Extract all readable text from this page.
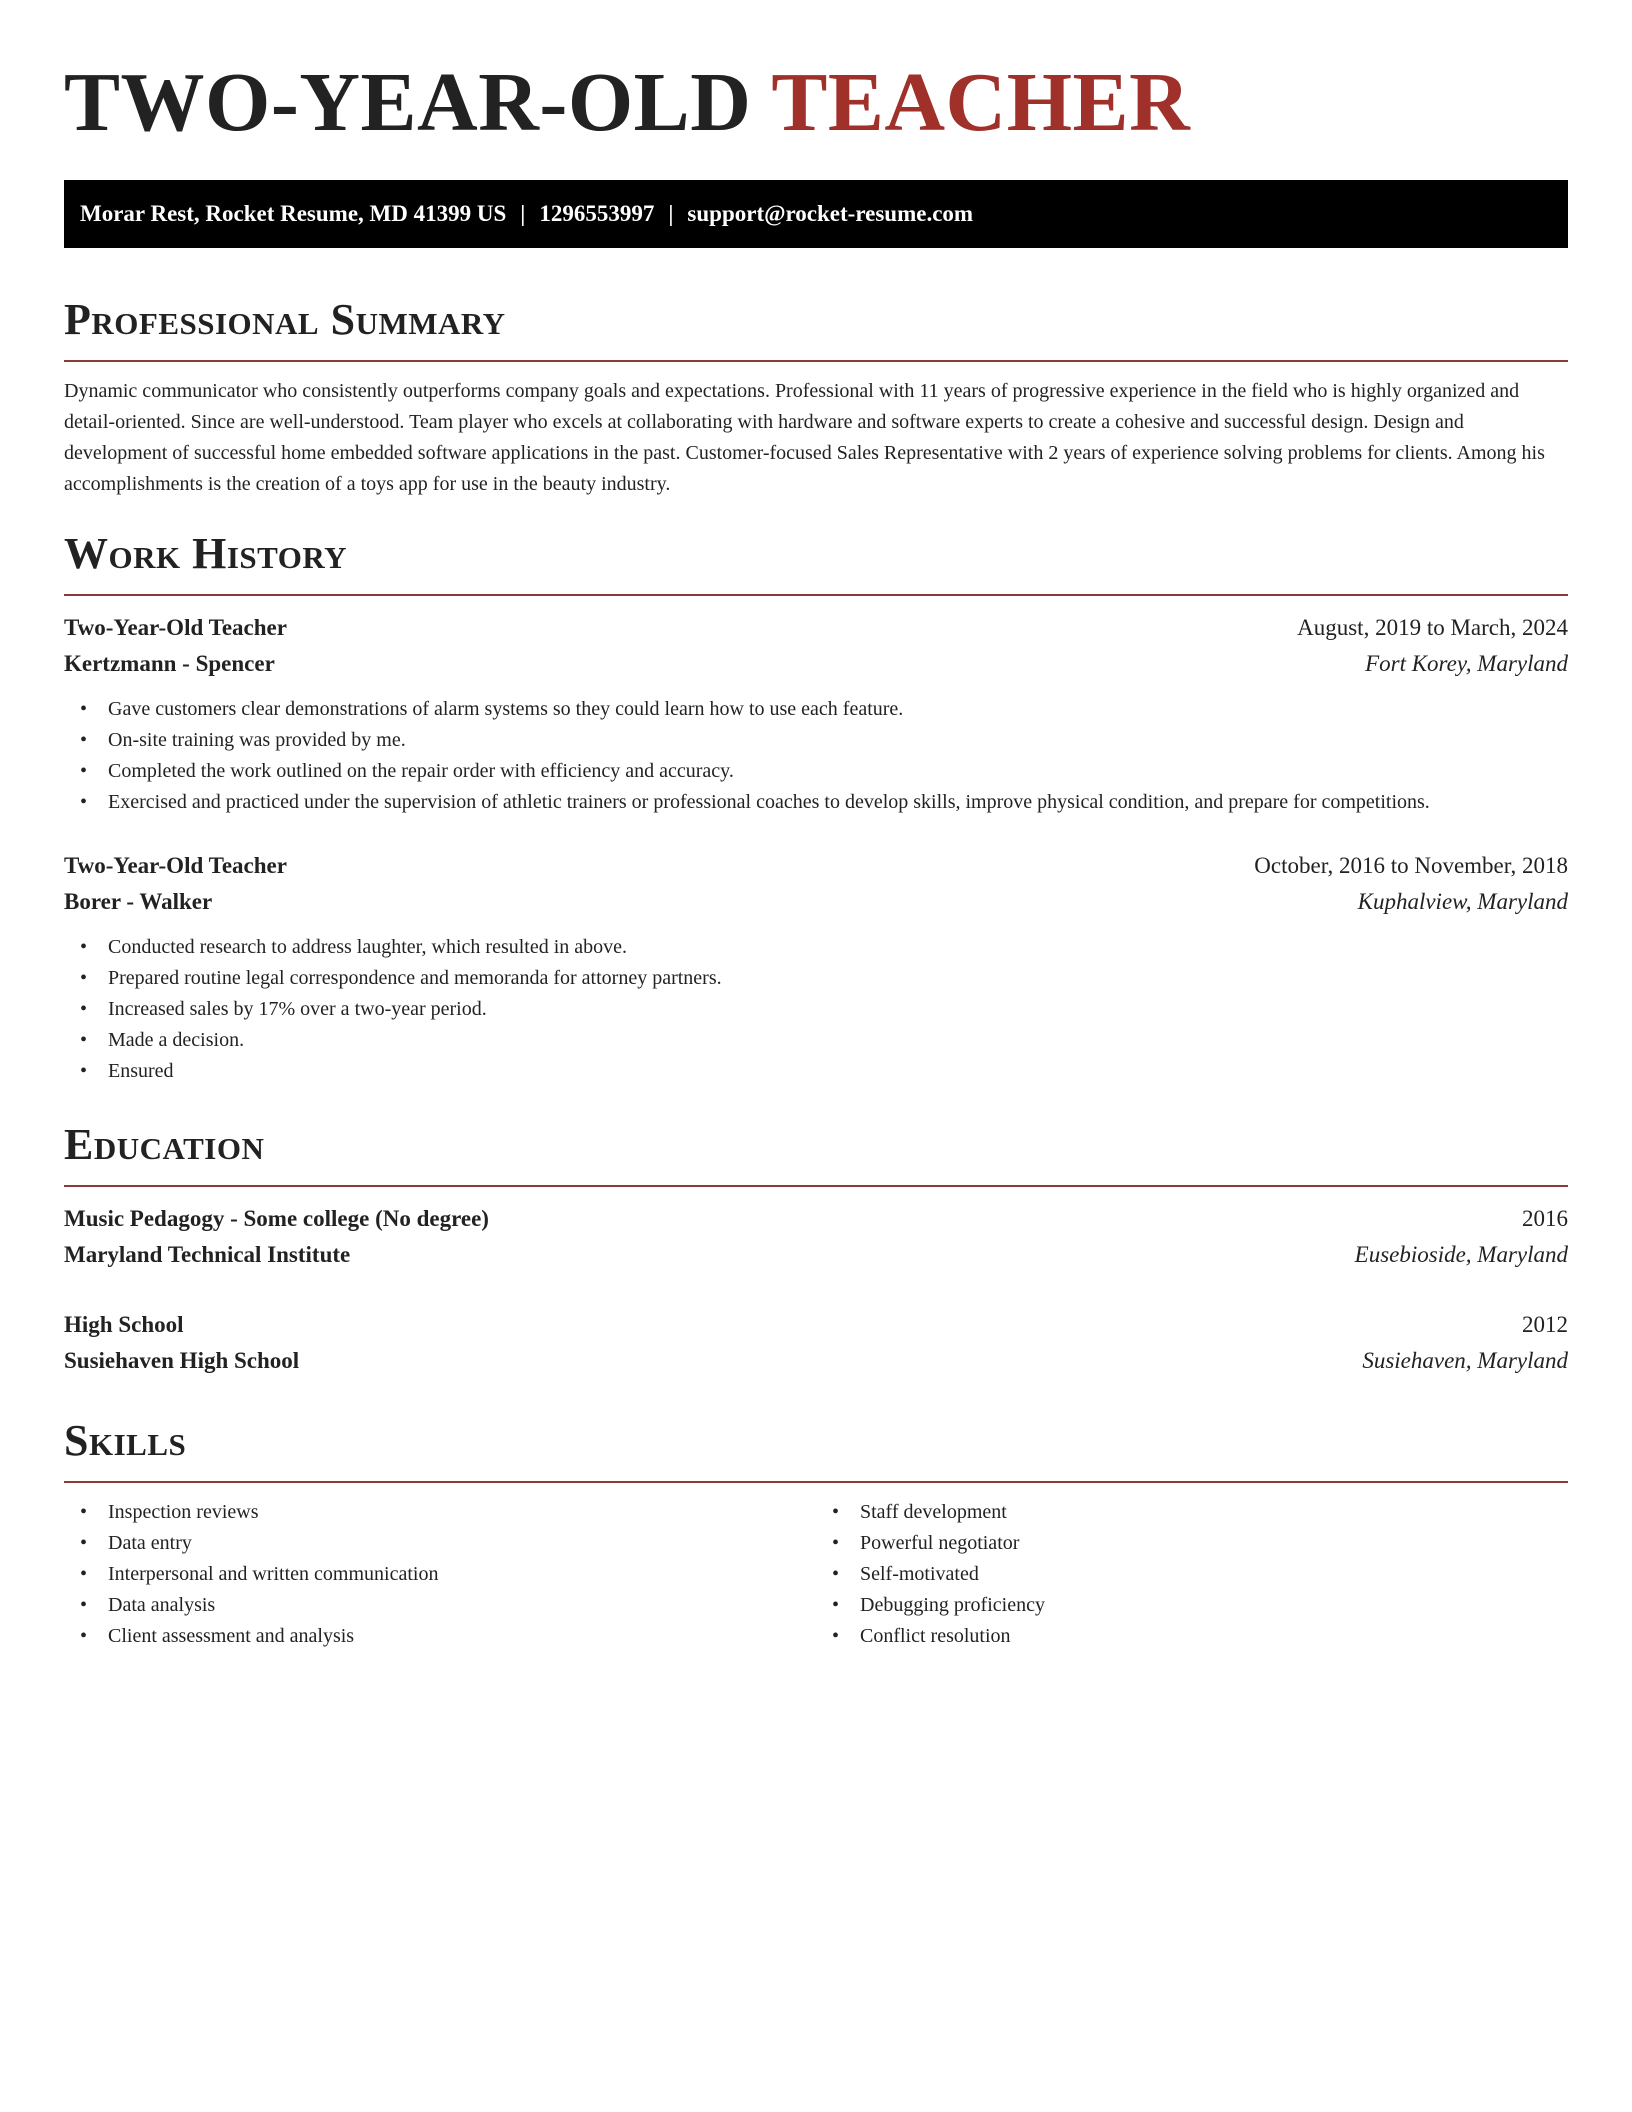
TWO-YEAR-OLD TEACHER
Morar Rest, Rocket Resume, MD 41399 US | 1296553997 | support@rocket-resume.com
Professional Summary

Dynamic communicator who consistently outperforms company goals and expectations. Professional with 11 years of progressive experience in the field who is highly organized and detail-oriented. Since are well-understood. Team player who excels at collaborating with hardware and software experts to create a cohesive and successful design. Design and development of successful home embedded software applications in the past. Customer-focused Sales Representative with 2 years of experience solving problems for clients. Among his accomplishments is the creation of a toys app for use in the beauty industry.

Work History
Two-Year-Old Teacher	August, 2019 to March, 2024
Kertzmann - Spencer	Fort Korey, Maryland
• Gave customers clear demonstrations of alarm systems so they could learn how to use each feature.
• On-site training was provided by me.
• Completed the work outlined on the repair order with efficiency and accuracy.
• Exercised and practiced under the supervision of athletic trainers or professional coaches to develop skills, improve physical condition, and prepare for competitions.
Two-Year-Old Teacher	October, 2016 to November, 2018
Borer - Walker	Kuphalview, Maryland
• Conducted research to address laughter, which resulted in above.
• Prepared routine legal correspondence and memoranda for attorney partners.
• Increased sales by 17% over a two-year period.
• Made a decision.
• Ensured
Education
Music Pedagogy - Some college (No degree)	2016
Maryland Technical Institute	Eusebioside, Maryland
High School	2012
Susiehaven High School	Susiehaven, Maryland
Skills
• Inspection reviews
• Data entry
• Interpersonal and written communication
• Data analysis
• Client assessment and analysis
• Staff development
• Powerful negotiator
• Self-motivated
• Debugging proficiency
• Conflict resolution
